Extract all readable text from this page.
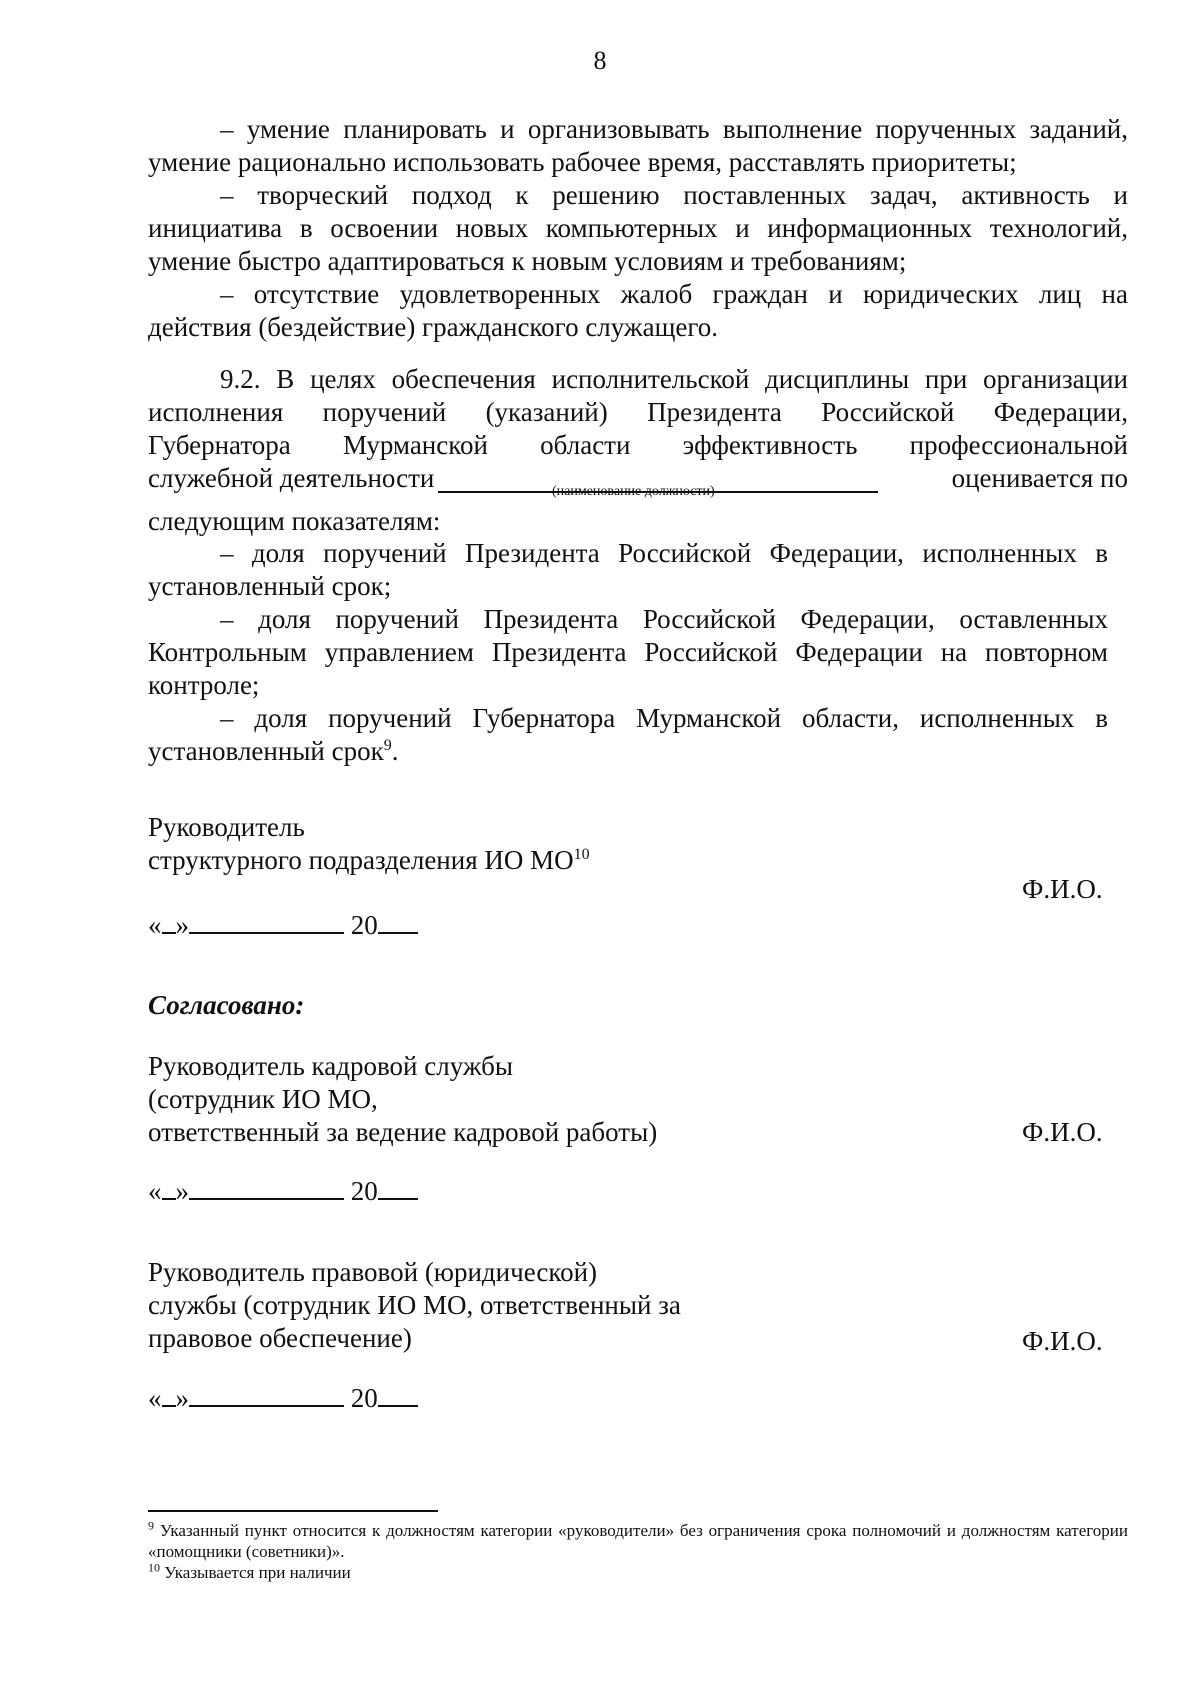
8
– умение планировать и организовывать выполнение порученных заданий, умение рационально использовать рабочее время, расставлять приоритеты;
– творческий подход к решению поставленных задач, активность и инициатива в освоении новых компьютерных и информационных технологий, умение быстро адаптироваться к новым условиям и требованиям;
– отсутствие удовлетворенных жалоб граждан и юридических лиц на действия (бездействие) гражданского служащего.
9.2. В целях обеспечения исполнительской дисциплины при организации
исполнения поручений (указаний) Президента Российской Федерации,
Губернатора Мурманской области эффективность профессиональной
служебной деятельности	оценивается по
(наименование должности)
следующим показателям:
– доля поручений Президента Российской Федерации, исполненных в установленный срок;
– доля поручений Президента Российской Федерации, оставленных Контрольным управлением Президента Российской Федерации на повторном контроле;
– доля поручений Губернатора Мурманской области, исполненных в установленный срок$^9$.
Руководитель
структурного подразделения ИО МО$^{10}$
Ф.И.О.
« »	20
Согласовано:
Руководитель кадровой службы
(сотрудник ИО МО,
ответственный за ведение кадровой работы)	Ф.И.О.
« »	20
Руководитель правовой (юридической)
службы (сотрудник ИО МО, ответственный за
правовое обеспечение)	Ф.И.О.
« »	20
$^9$ Указанный пункт относится к должностям категории «руководители» без ограничения срока полномочий и должностям категории «помощники (советники)».
$^{10}$ Указывается при наличии
